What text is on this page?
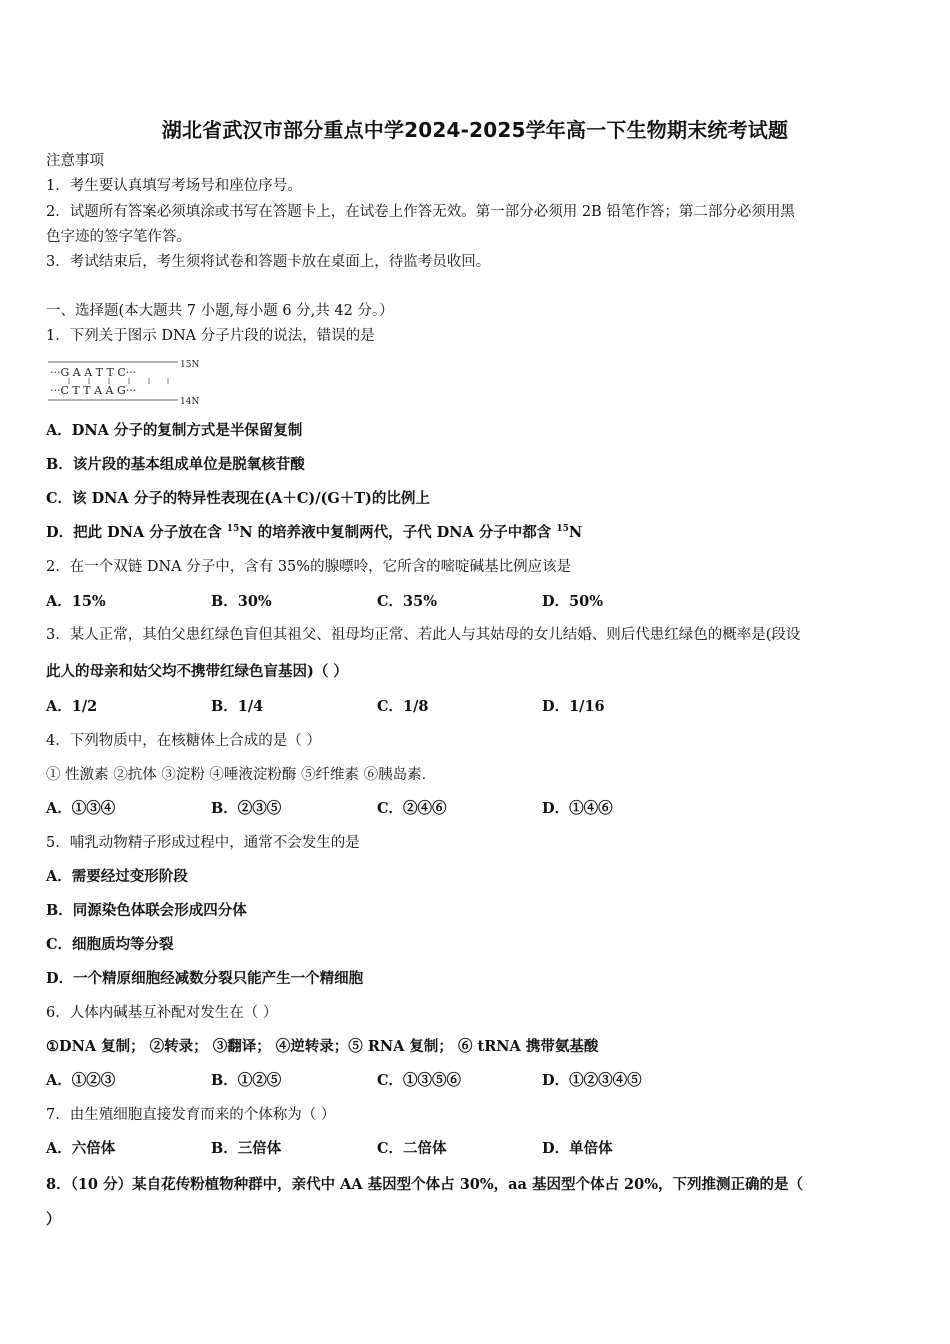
湖北省武汉市部分重点中学2024-2025学年高一下生物期末统考试题
注意事项
1．考生要认真填写考场号和座位序号。
2．试题所有答案必须填涂或书写在答题卡上，在试卷上作答无效。第一部分必须用 2B 铅笔作答；第二部分必须用黑
色字迹的签字笔作答。
3．考试结束后，考生须将试卷和答题卡放在桌面上，待监考员收回。
一、选择题(本大题共 7 小题,每小题 6 分,共 42 分。）
1．下列关于图示 DNA 分子片段的说法，错误的是
···G A A T T C···
···C T T A A G···
15N
14N
A．DNA 分子的复制方式是半保留复制
B．该片段的基本组成单位是脱氧核苷酸
C．该 DNA 分子的特异性表现在(A＋C)/(G＋T)的比例上
D．把此 DNA 分子放在含 $^{15}$N 的培养液中复制两代，子代 DNA 分子中都含 $^{15}$N
2．在一个双链 DNA 分子中，含有 35%的腺嘌呤，它所含的嘧啶碱基比例应该是
A．15%	B．30%	C．35%	D．50%
3．某人正常，其伯父患红绿色盲但其祖父、祖母均正常、若此人与其姑母的女儿结婚、则后代患红绿色的概率是(段设
此人的母亲和姑父均不携带红绿色盲基因)（ ）
A．1/2	B．1/4	C．1/8	D．1/16
4．下列物质中，在核糖体上合成的是（ ）
① 性激素 ②抗体 ③淀粉 ④唾液淀粉酶 ⑤纤维素 ⑥胰岛素．
A．①③④	B．②③⑤	C．②④⑥	D．①④⑥
5．哺乳动物精子形成过程中，通常不会发生的是
A．需要经过变形阶段
B．同源染色体联会形成四分体
C．细胞质均等分裂
D．一个精原细胞经减数分裂只能产生一个精细胞
6．人体内碱基互补配对发生在（ ）
①DNA 复制； ②转录； ③翻译； ④逆转录；⑤ RNA 复制； ⑥ tRNA 携带氨基酸
A．①②③	B．①②⑤	C．①③⑤⑥	D．①②③④⑤
7．由生殖细胞直接发育而来的个体称为（ ）
A．六倍体	B．三倍体	C．二倍体	D．单倍体
8．（10 分）某自花传粉植物种群中，亲代中 AA 基因型个体占 30%，aa 基因型个体占 20%，下列推测正确的是（
）
